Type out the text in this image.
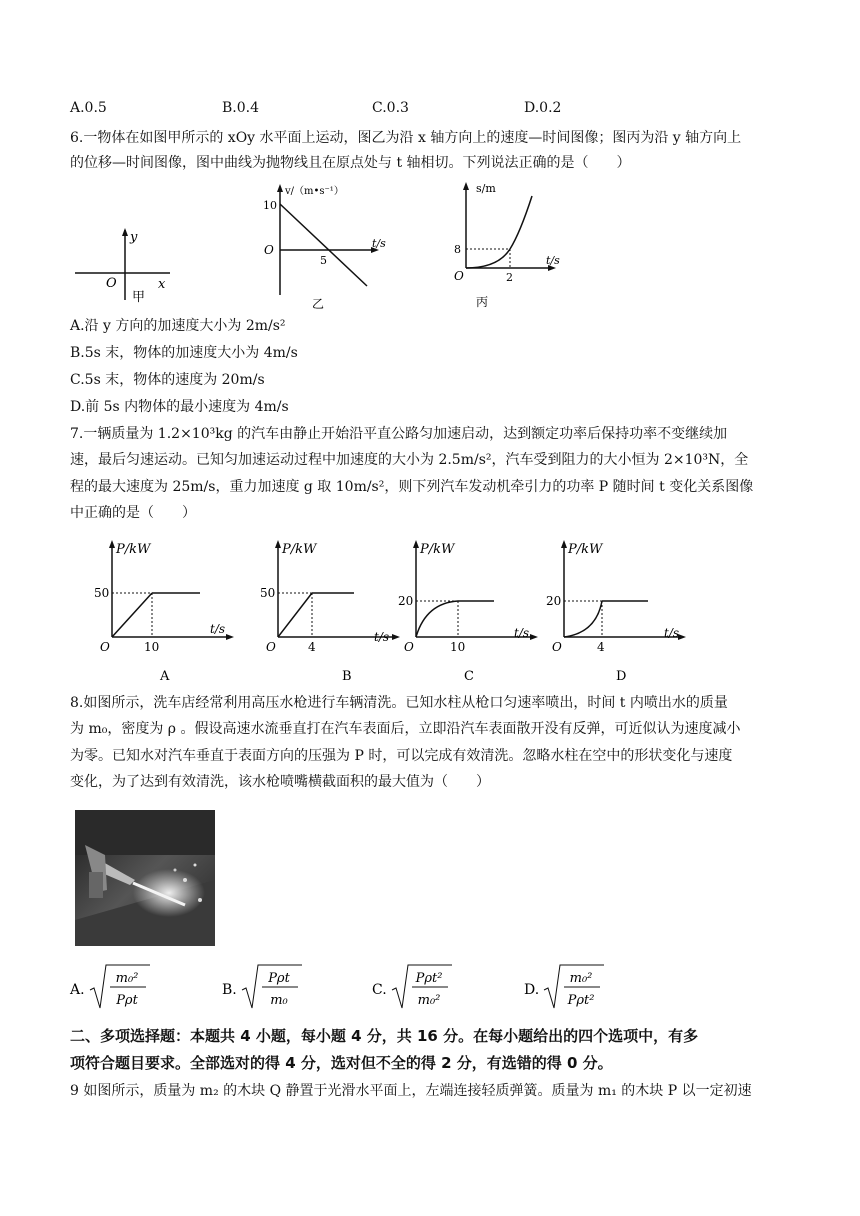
A.0.5	B.0.4	C.0.3	D.0.2
6.一物体在如图甲所示的 xOy 水平面上运动，图乙为沿 x 轴方向上的速度—时间图像；图丙为沿 y 轴方向上
的位移—时间图像，图中曲线为抛物线且在原点处与 t 轴相切。下列说法正确的是（　　）
y
x
O
甲
v/（m•s⁻¹）
t/s
O
10
5
乙
s/m
t/s
O
8
2
丙
A.沿 y 方向的加速度大小为 2m/s²
B.5s 末，物体的加速度大小为 4m/s
C.5s 末，物体的速度为 20m/s
D.前 5s 内物体的最小速度为 4m/s
7.一辆质量为 1.2×10³kg 的汽车由静止开始沿平直公路匀加速启动，达到额定功率后保持功率不变继续加
速，最后匀速运动。已知匀加速运动过程中加速度的大小为 2.5m/s²，汽车受到阻力的大小恒为 2×10³N，全
程的最大速度为 25m/s，重力加速度 g 取 10m/s²，则下列汽车发动机牵引力的功率 P 随时间 t 变化关系图像
中正确的是（　　）
P/kW
t/s
O
50
10
A
P/kW
t/s
O
50
4
B
P/kW
t/s
O
20
10
C
P/kW
t/s
O
20
4
D
8.如图所示，洗车店经常利用高压水枪进行车辆清洗。已知水柱从枪口匀速率喷出，时间 t 内喷出水的质量
为 m₀，密度为 ρ 。假设高速水流垂直打在汽车表面后，立即沿汽车表面散开没有反弹，可近似认为速度减小
为零。已知水对汽车垂直于表面方向的压强为 P 时，可以完成有效清洗。忽略水柱在空中的形状变化与速度
变化，为了达到有效清洗，该水枪喷嘴横截面积的最大值为（　　）
A.
m₀²
Pρt
B.
Pρt
m₀
C.
Pρt²
m₀²
D.
m₀²
Pρt²
二、多项选择题：本题共 4 小题，每小题 4 分，共 16 分。在每小题给出的四个选项中，有多
项符合题目要求。全部选对的得 4 分，选对但不全的得 2 分，有选错的得 0 分。
9 如图所示，质量为 m₂ 的木块 Q 静置于光滑水平面上，左端连接轻质弹簧。质量为 m₁ 的木块 P 以一定初速
